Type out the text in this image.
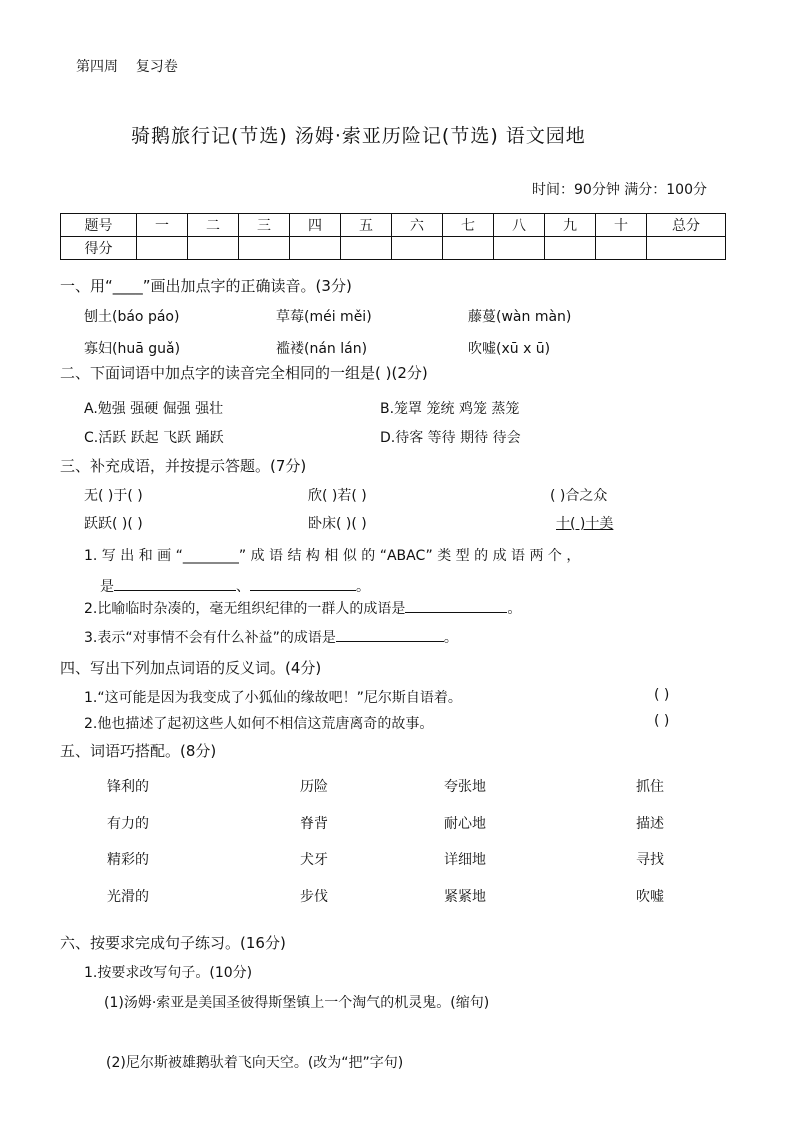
第四周 复习卷
骑鹅旅行记(节选) 汤姆·索亚历险记(节选) 语文园地
时间：90分钟 满分：100分
题号	一	二	三	四	五	六	七	八	九	十	总分
得分											
一、用“____”画出加点字的正确读音。(3分)
刨土(báo páo)	草莓(méi měi)	藤蔓(wàn màn)
寡妇(huā guǎ)	褴褛(nán lán)	吹嘘(xū x ū)
二、下面词语中加点字的读音完全相同的一组是( )(2分)
A.勉强 强硬 倔强 强壮	B.笼罩 笼统 鸡笼 蒸笼
C.活跃 跃起 飞跃 踊跃	D.待客 等待 期待 待会
三、补充成语，并按提示答题。(7分)
无( )于( )	欣( )若( )	( )合之众
跃跃( )( )	卧床( )( )	十( )十美
1. 写 出 和 画 “________” 成 语 结 构 相 似 的 “ABAC” 类 型 的 成 语 两 个 ，
是	、	。
2.比喻临时杂凑的，毫无组织纪律的一群人的成语是	。
3.表示“对事情不会有什么补益”的成语是	。
四、写出下列加点词语的反义词。(4分)
1.“这可能是因为我变成了小狐仙的缘故吧！”尼尔斯自语着。	( )
2.他也描述了起初这些人如何不相信这荒唐离奇的故事。	( )
五、词语巧搭配。(8分)
锋利的	历险	夸张地	抓住
有力的	脊背	耐心地	描述
精彩的	犬牙	详细地	寻找
光滑的	步伐	紧紧地	吹嘘
六、按要求完成句子练习。(16分)
1.按要求改写句子。(10分)
(1)汤姆·索亚是美国圣彼得斯堡镇上一个淘气的机灵鬼。(缩句)
(2)尼尔斯被雄鹅驮着飞向天空。(改为“把”字句)
